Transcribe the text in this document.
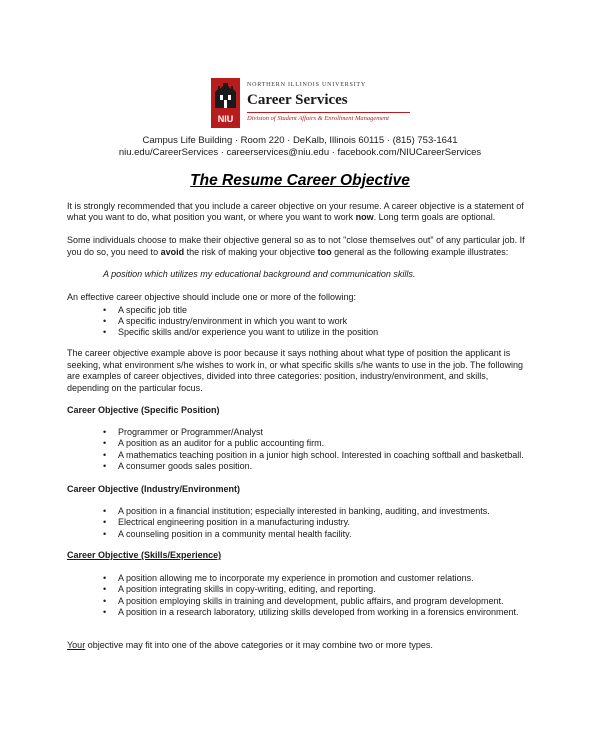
NIU
NORTHERN ILLINOIS UNIVERSITY
Career Services
Division of Student Affairs & Enrollment Management
Campus Life Building · Room 220 · DeKalb, Illinois 60115 · (815) 753-1641
niu.edu/CareerServices · careerservices@niu.edu · facebook.com/NIUCareerServices
The Resume Career Objective
It is strongly recommended that you include a career objective on your resume. A career objective is a statement of
what you want to do, what position you want, or where you want to work now. Long term goals are optional.
Some individuals choose to make their objective general so as to not "close themselves out" of any particular job. If
you do so, you need to avoid the risk of making your objective too general as the following example illustrates:
A position which utilizes my educational background and communication skills.
An effective career objective should include one or more of the following:
•	A specific job title
•	A specific industry/environment in which you want to work
•	Specific skills and/or experience you want to utilize in the position
The career objective example above is poor because it says nothing about what type of position the applicant is
seeking, what environment s/he wishes to work in, or what specific skills s/he wants to use in the job. The following
are examples of career objectives, divided into three categories: position, industry/environment, and skills,
depending on the particular focus.
Career Objective (Specific Position)
•	Programmer or Programmer/Analyst
•	A position as an auditor for a public accounting firm.
•	A mathematics teaching position in a junior high school. Interested in coaching softball and basketball.
•	A consumer goods sales position.
Career Objective (Industry/Environment)
•	A position in a financial institution; especially interested in banking, auditing, and investments.
•	Electrical engineering position in a manufacturing industry.
•	A counseling position in a community mental health facility.
Career Objective (Skills/Experience)
•	A position allowing me to incorporate my experience in promotion and customer relations.
•	A position integrating skills in copy-writing, editing, and reporting.
•	A position employing skills in training and development, public affairs, and program development.
•	A position in a research laboratory, utilizing skills developed from working in a forensics environment.
Your objective may fit into one of the above categories or it may combine two or more types.
